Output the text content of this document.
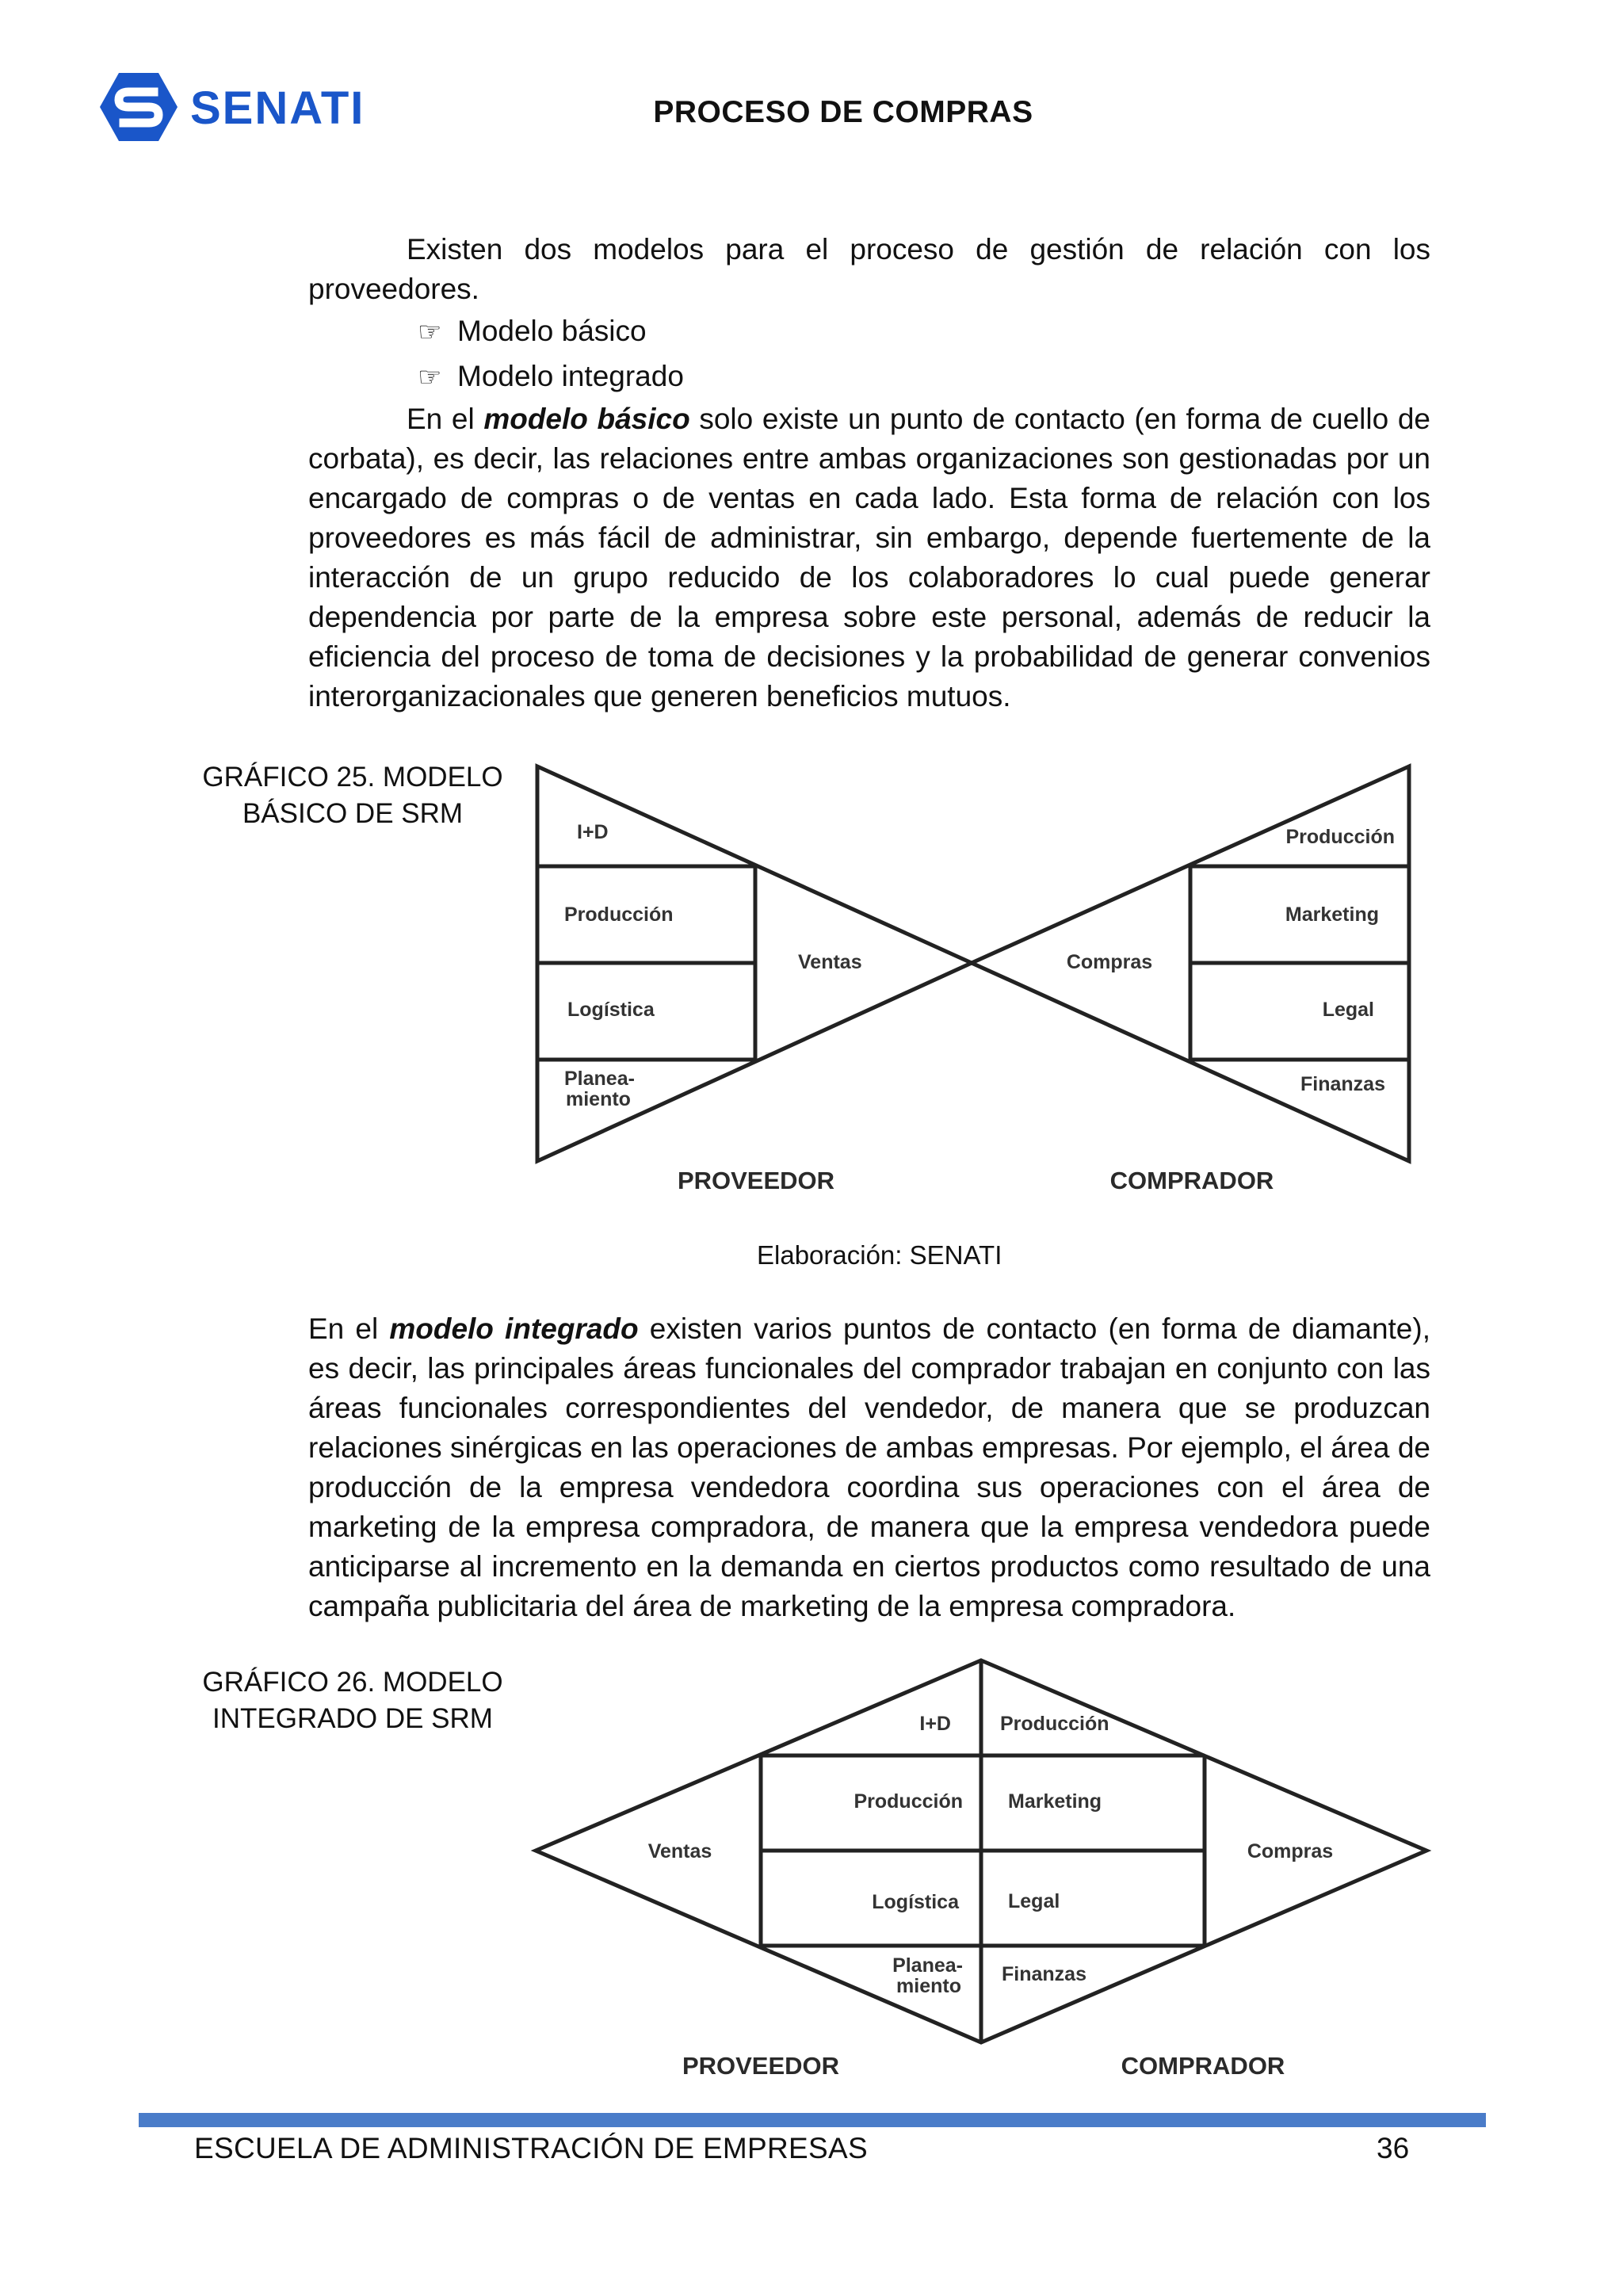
SENATI	PROCESO DE COMPRAS

Existen dos modelos para el proceso de gestión de relación con los proveedores.

☞ Modelo básico
☞ Modelo integrado

En el modelo básico solo existe un punto de contacto (en forma de cuello de corbata), es decir, las relaciones entre ambas organizaciones son gestionadas por un encargado de compras o de ventas en cada lado. Esta forma de relación con los proveedores es más fácil de administrar, sin embargo, depende fuertemente de la interacción de un grupo reducido de los colaboradores lo cual puede generar dependencia por parte de la empresa sobre este personal, además de reducir la eficiencia del proceso de toma de decisiones y la probabilidad de generar convenios interorganizacionales que generen beneficios mutuos.

GRÁFICO 25. MODELO
BÁSICO DE SRM
I+D
Producción
Logística
Planea-
miento
Ventas
Producción
Marketing
Legal
Finanzas
Compras
PROVEEDOR	COMPRADOR
Elaboración: SENATI

En el modelo integrado existen varios puntos de contacto (en forma de diamante), es decir, las principales áreas funcionales del comprador trabajan en conjunto con las áreas funcionales correspondientes del vendedor, de manera que se produzcan relaciones sinérgicas en las operaciones de ambas empresas. Por ejemplo, el área de producción de la empresa vendedora coordina sus operaciones con el área de marketing de la empresa compradora, de manera que la empresa vendedora puede anticiparse al incremento en la demanda en ciertos productos como resultado de una campaña publicitaria del área de marketing de la empresa compradora.

GRÁFICO 26. MODELO
INTEGRADO DE SRM	I+D
Producción
Logística
Planea-
miento
Ventas
Producción
Marketing
Legal
Finanzas
Compras
PROVEEDOR	COMPRADOR
ESCUELA DE ADMINISTRACIÓN DE EMPRESAS	36
